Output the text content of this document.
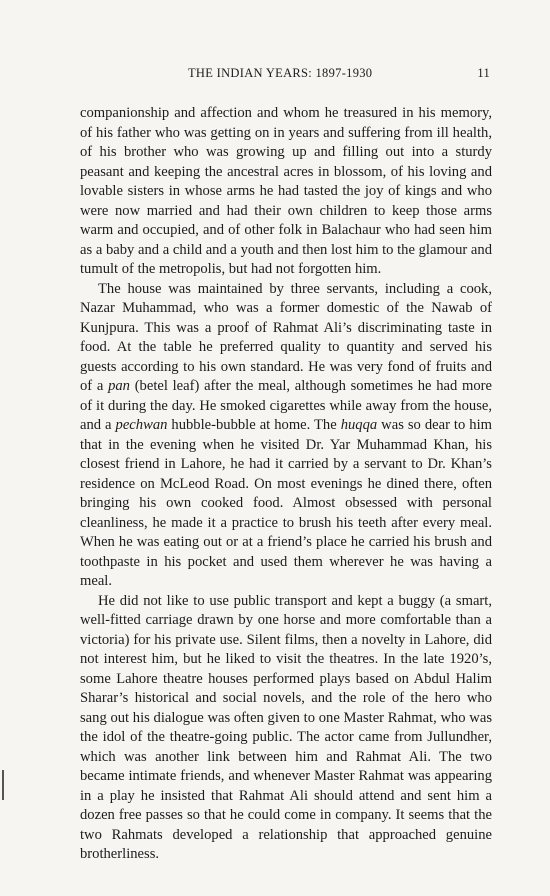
THE INDIAN YEARS: 1897-1930	11

companionship and affection and whom he treasured in his memory, of his father who was getting on in years and suffering from ill health, of his brother who was growing up and filling out into a sturdy peasant and keeping the ancestral acres in blossom, of his loving and lovable sisters in whose arms he had tasted the joy of kings and who were now married and had their own children to keep those arms warm and occupied, and of other folk in Balachaur who had seen him as a baby and a child and a youth and then lost him to the glamour and tumult of the metropolis, but had not forgotten him.

The house was maintained by three servants, including a cook, Nazar Muhammad, who was a former domestic of the Nawab of Kunjpura. This was a proof of Rahmat Ali’s discriminating taste in food. At the table he preferred quality to quantity and served his guests according to his own standard. He was very fond of fruits and of a pan (betel leaf) after the meal, although sometimes he had more of it during the day. He smoked cigarettes while away from the house, and a pechwan hubble-bubble at home. The huqqa was so dear to him that in the evening when he visited Dr. Yar Muhammad Khan, his closest friend in Lahore, he had it carried by a servant to Dr. Khan’s residence on McLeod Road. On most evenings he dined there, often bringing his own cooked food. Almost obsessed with personal cleanliness, he made it a practice to brush his teeth after every meal. When he was eating out or at a friend’s place he carried his brush and toothpaste in his pocket and used them wherever he was having a meal.

He did not like to use public transport and kept a buggy (a smart, well-fitted carriage drawn by one horse and more comfortable than a victoria) for his private use. Silent films, then a novelty in Lahore, did not interest him, but he liked to visit the theatres. In the late 1920’s, some Lahore theatre houses performed plays based on Abdul Halim Sharar’s historical and social novels, and the role of the hero who sang out his dialogue was often given to one Master Rahmat, who was the idol of the theatre-going public. The actor came from Jullundher, which was another link between him and Rahmat Ali. The two became intimate friends, and whenever Master Rahmat was appearing in a play he insisted that Rahmat Ali should attend and sent him a dozen free passes so that he could come in company. It seems that the two Rahmats developed a relationship that approached genuine brotherliness.
